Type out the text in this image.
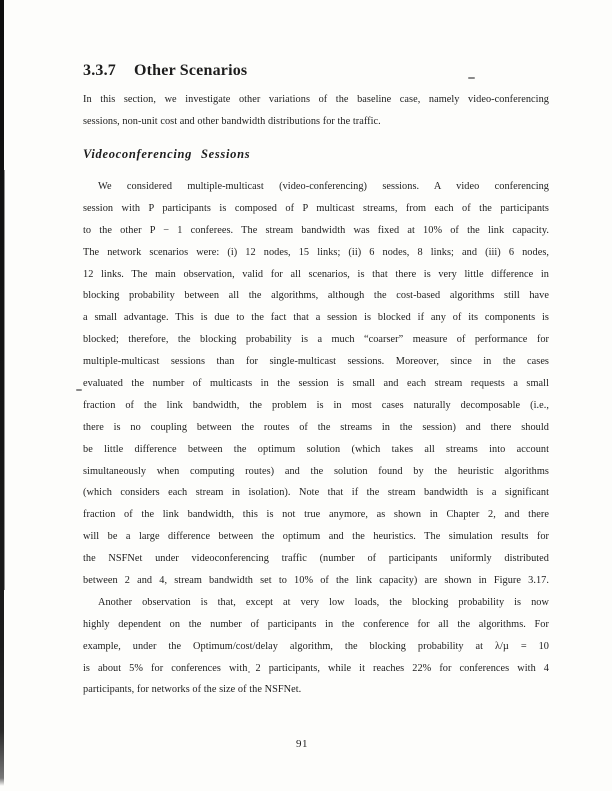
3.3.7 Other Scenarios
In this section, we investigate other variations of the baseline case, namely video-conferencing
sessions, non-unit cost and other bandwidth distributions for the traffic.
Videoconferencing Sessions
We considered multiple-multicast (video-conferencing) sessions. A video conferencing
session with P participants is composed of P multicast streams, from each of the participants
to the other P − 1 conferees. The stream bandwidth was fixed at 10% of the link capacity.
The network scenarios were: (i) 12 nodes, 15 links; (ii) 6 nodes, 8 links; and (iii) 6 nodes,
12 links. The main observation, valid for all scenarios, is that there is very little difference in
blocking probability between all the algorithms, although the cost-based algorithms still have
a small advantage. This is due to the fact that a session is blocked if any of its components is
blocked; therefore, the blocking probability is a much “coarser” measure of performance for
multiple-multicast sessions than for single-multicast sessions. Moreover, since in the cases
evaluated the number of multicasts in the session is small and each stream requests a small
fraction of the link bandwidth, the problem is in most cases naturally decomposable (i.e.,
there is no coupling between the routes of the streams in the session) and there should
be little difference between the optimum solution (which takes all streams into account
simultaneously when computing routes) and the solution found by the heuristic algorithms
(which considers each stream in isolation). Note that if the stream bandwidth is a significant
fraction of the link bandwidth, this is not true anymore, as shown in Chapter 2, and there
will be a large difference between the optimum and the heuristics. The simulation results for
the NSFNet under videoconferencing traffic (number of participants uniformly distributed
between 2 and 4, stream bandwidth set to 10% of the link capacity) are shown in Figure 3.17.
Another observation is that, except at very low loads, the blocking probability is now
highly dependent on the number of participants in the conference for all the algorithms. For
example, under the Optimum/cost/delay algorithm, the blocking probability at λ/µ = 10
is about 5% for conferences with 2 participants, while it reaches 22% for conferences with 4
participants, for networks of the size of the NSFNet.
91
